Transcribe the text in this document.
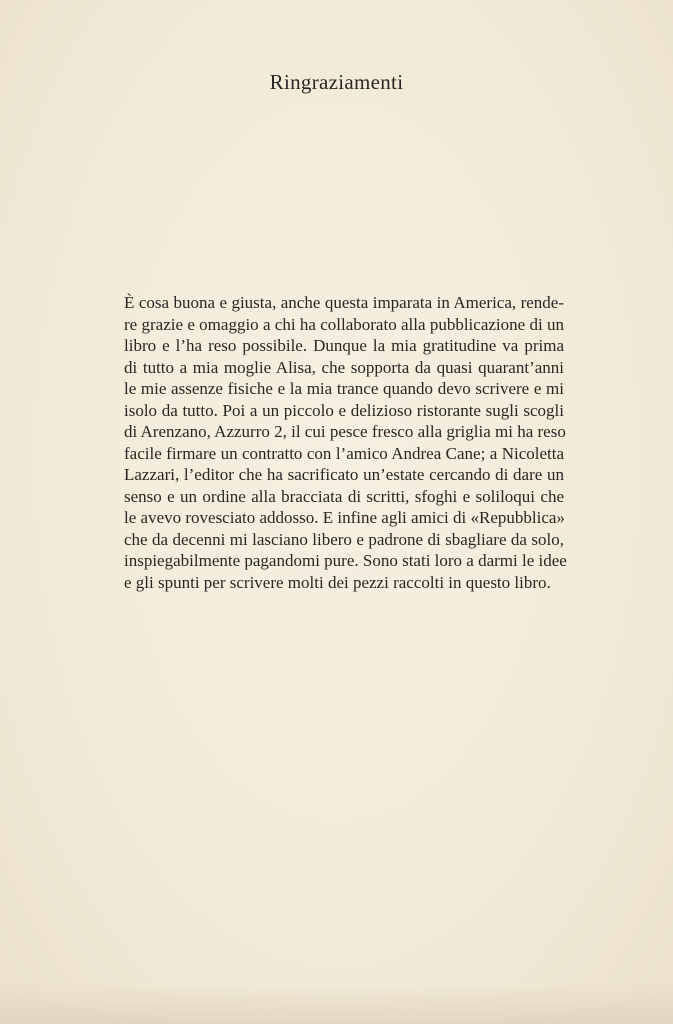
Ringraziamenti
È cosa buona e giusta, anche questa imparata in America, rende-
re grazie e omaggio a chi ha collaborato alla pubblicazione di un
libro e l’ha reso possibile. Dunque la mia gratitudine va prima
di tutto a mia moglie Alisa, che sopporta da quasi quarant’anni
le mie assenze fisiche e la mia trance quando devo scrivere e mi
isolo da tutto. Poi a un piccolo e delizioso ristorante sugli scogli
di Arenzano, Azzurro 2, il cui pesce fresco alla griglia mi ha reso
facile firmare un contratto con l’amico Andrea Cane; a Nicoletta
Lazzari, l’editor che ha sacrificato un’estate cercando di dare un
senso e un ordine alla bracciata di scritti, sfoghi e soliloqui che
le avevo rovesciato addosso. E infine agli amici di «Repubblica»
che da decenni mi lasciano libero e padrone di sbagliare da solo,
inspiegabilmente pagandomi pure. Sono stati loro a darmi le idee
e gli spunti per scrivere molti dei pezzi raccolti in questo libro.
